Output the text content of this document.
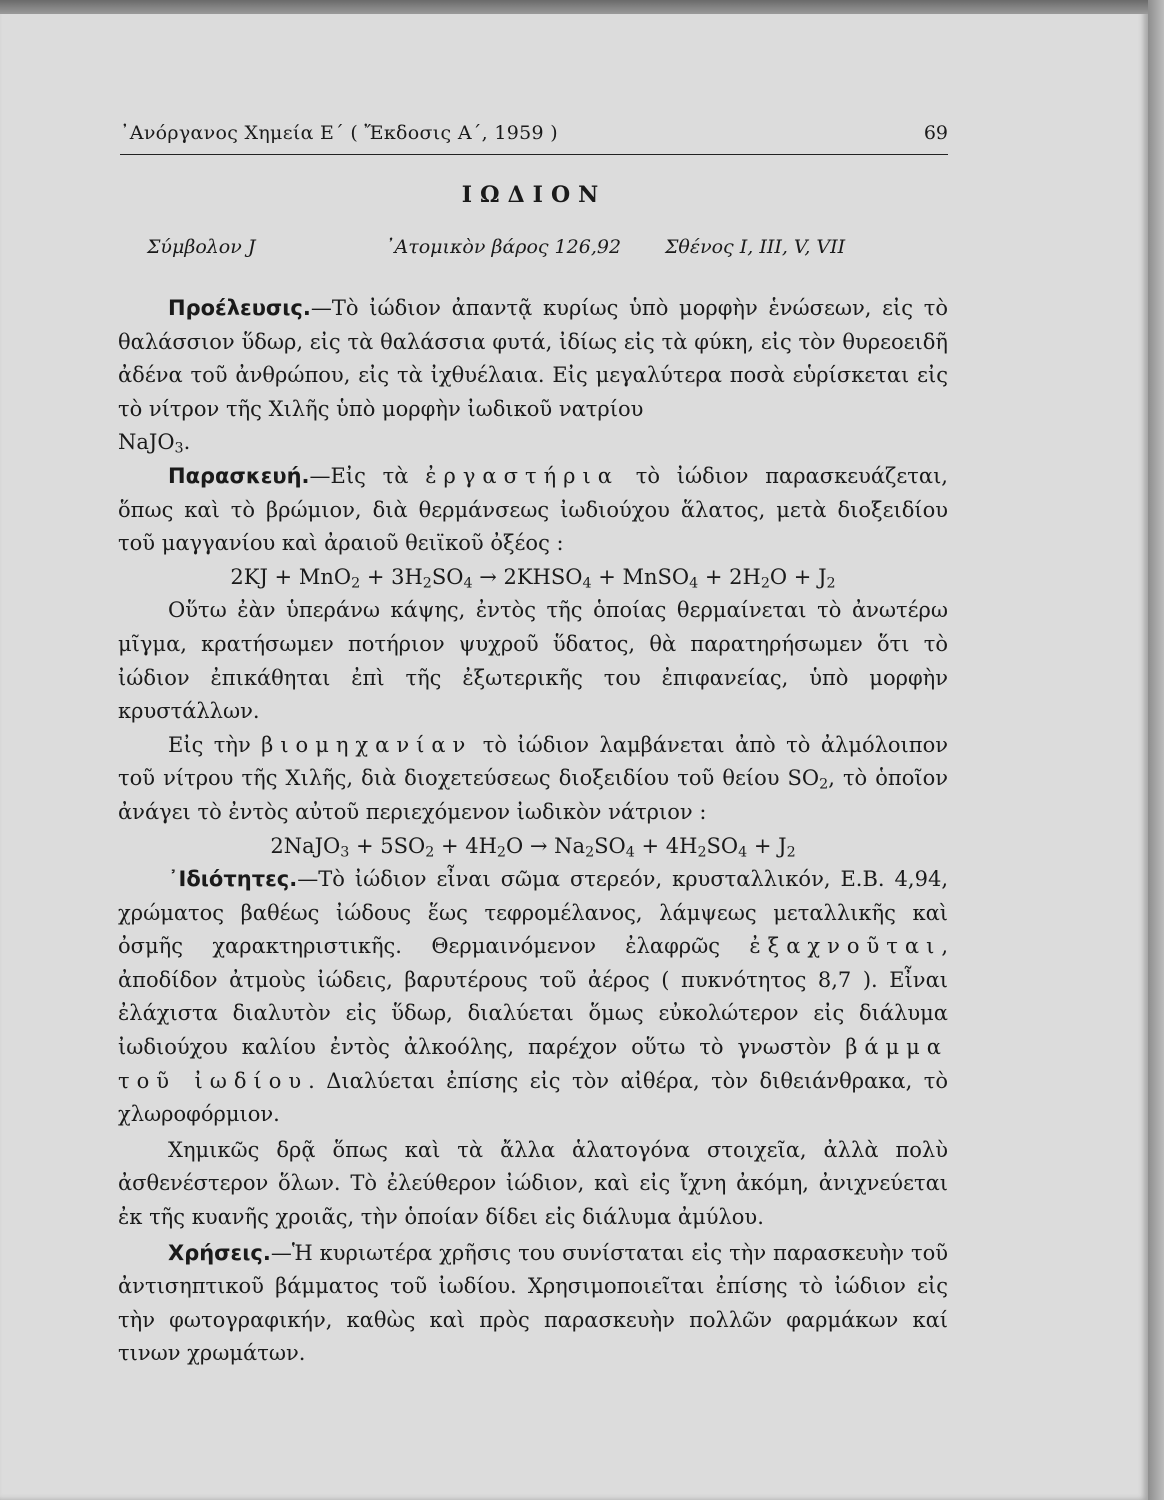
᾿Ανόργανος Χημεία Ε΄ ( Ἔκδοσις Α΄, 1959 )	69
ΙΩΔΙΟΝ
Σύμβολον J	᾿Ατομικὸν βάρος 126,92 Σθένος I, III, V, VII

Προέλευσις.—Τὸ ἰώδιον ἀπαντᾷ κυρίως ὑπὸ μορφὴν ἑνώσεων, εἰς τὸ θαλάσσιον ὕδωρ, εἰς τὰ θαλάσσια φυτά, ἰδίως εἰς τὰ φύκη, εἰς τὸν θυρεοειδῆ ἀδένα τοῦ ἀνθρώπου, εἰς τὰ ἰχθυέλαια. Εἰς μεγαλύτερα ποσὰ εὑρίσκεται εἰς τὸ νίτρον τῆς Χιλῆς ὑπὸ μορφὴν ἰωδικοῦ νατρίου
NaJO$_3$.

Παρασκευή.—Εἰς τὰ ἐργαστήρια τὸ ἰώδιον παρασκευάζεται, ὅπως καὶ τὸ βρώμιον, διὰ θερμάνσεως ἰωδιούχου ἅλατος, μετὰ διοξειδίου τοῦ μαγγανίου καὶ ἀραιοῦ θειϊκοῦ ὀξέος :

$2KJ + MnO_2 + 3H_2SO_4$ → $2KHSO_4$ + MnSO$_4$ + $2H_2O + J_2$

Οὕτω ἐὰν ὑπεράνω κάψης, ἐντὸς τῆς ὁποίας θερμαίνεται τὸ ἀνωτέρω μῖγμα, κρατήσωμεν ποτήριον ψυχροῦ ὕδατος, θὰ παρατηρήσωμεν ὅτι τὸ ἰώδιον ἐπικάθηται ἐπὶ τῆς ἐξωτερικῆς του ἐπιφανείας, ὑπὸ μορφὴν κρυστάλλων.

Εἰς τὴν βιομηχανίαν τὸ ἰώδιον λαμβάνεται ἀπὸ τὸ ἀλμόλοιπον τοῦ νίτρου τῆς Χιλῆς, διὰ διοχετεύσεως διοξειδίου τοῦ θείου $SO_2$, τὸ ὁποῖον ἀνάγει τὸ ἐντὸς αὐτοῦ περιεχόμενον ἰωδικὸν νάτριον :

2NaJO$_3$ + $5SO_2 + 4H_2O \to Na_2SO_4 + 4H_2SO_4 + J_2$

᾿Ιδιότητες.—Τὸ ἰώδιον εἶναι σῶμα στερεόν, κρυσταλλικόν, Ε.Β. 4,94, χρώματος βαθέως ἰώδους ἕως τεφρομέλανος, λάμψεως μεταλλικῆς καὶ ὀσμῆς χαρακτηριστικῆς. Θερμαινόμενον ἐλαφρῶς ἐξαχνοῦται, ἀποδίδον ἀτμοὺς ἰώδεις, βαρυτέρους τοῦ ἀέρος ( πυκνότητος 8,7 ). Εἶναι ἐλάχιστα διαλυτὸν εἰς ὕδωρ, διαλύεται ὅμως εὐκολώτερον εἰς διάλυμα ἰωδιούχου καλίου ἐντὸς ἀλκοόλης, παρέχον οὕτω τὸ γνωστὸν βάμμα τοῦ ἰωδίου. Διαλύεται ἐπίσης εἰς τὸν αἰθέρα, τὸν διθειάνθρακα, τὸ χλωροφόρμιον.

Χημικῶς δρᾷ ὅπως καὶ τὰ ἄλλα ἁλατογόνα στοιχεῖα, ἀλλὰ πολὺ ἀσθενέστερον ὅλων. Τὸ ἐλεύθερον ἰώδιον, καὶ εἰς ἴχνη ἀκόμη, ἀνιχνεύεται ἐκ τῆς κυανῆς χροιᾶς, τὴν ὁποίαν δίδει εἰς διάλυμα ἀμύλου.

Χρήσεις.—Ἡ κυριωτέρα χρῆσις του συνίσταται εἰς τὴν παρασκευὴν τοῦ ἀντισηπτικοῦ βάμματος τοῦ ἰωδίου. Χρησιμοποιεῖται ἐπίσης τὸ ἰώδιον εἰς τὴν φωτογραφικήν, καθὼς καὶ πρὸς παρασκευὴν πολλῶν φαρμάκων καί τινων χρωμάτων.
